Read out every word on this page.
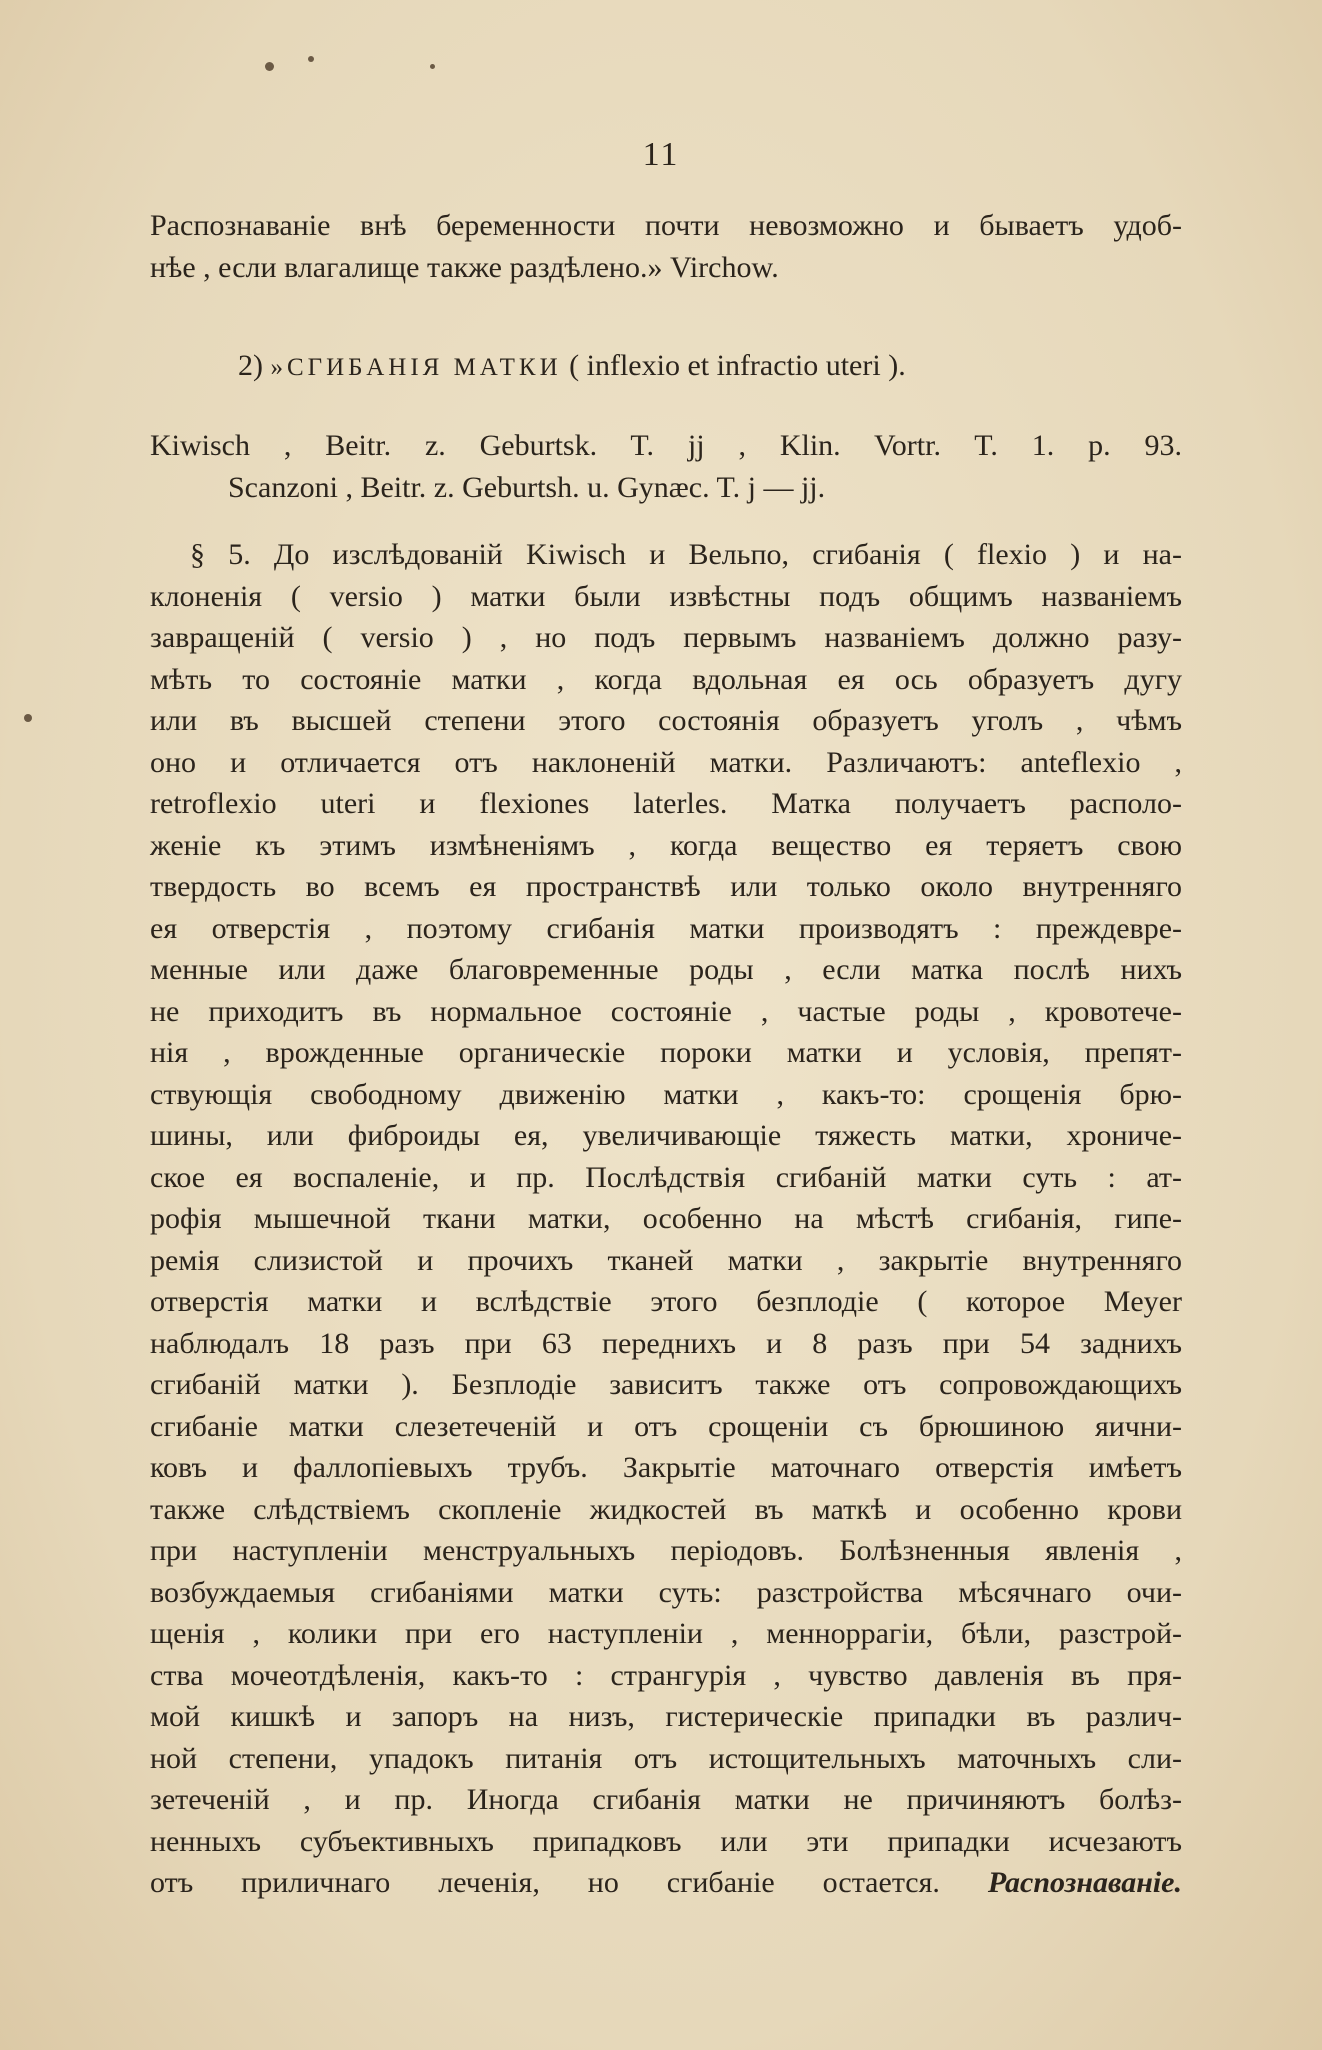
11
Распознаваніе внѣ беременности почти невозможно и бываетъ удоб-
нѣе , если влагалище также раздѣлено.» Virchow.
2) »СГИБАНІЯ МАТКИ ( inflexio et infractio uteri ).
Kiwisch , Beitr. z. Geburtsk. T. jj , Klin. Vortr. T. 1. p. 93.
Scanzoni , Beitr. z. Geburtsh. u. Gynæc. T. j — jj.
§ 5. До изслѣдованій Kiwisch и Вельпо, сгибанія ( flexio ) и на-
клоненія ( versio ) матки были извѣстны подъ общимъ названіемъ
завращеній ( versio ) , но подъ первымъ названіемъ должно разу-
мѣть то состояніе матки , когда вдольная ея ось образуетъ дугу
или въ высшей степени этого состоянія образуетъ уголъ , чѣмъ
оно и отличается отъ наклоненій матки. Различаютъ: anteflexio ,
retroflexio uteri и flexiones laterles. Матка получаетъ располо-
женіе къ этимъ измѣненіямъ , когда вещество ея теряетъ свою
твердость во всемъ ея пространствѣ или только около внутренняго
ея отверстія , поэтому сгибанія матки производятъ : преждевре-
менные или даже благовременные роды , если матка послѣ нихъ
не приходитъ въ нормальное состояніе , частые роды , кровотече-
нія , врожденные органическіе пороки матки и условія, препят-
ствующія свободному движенію матки , какъ-то: срощенія брю-
шины, или фиброиды ея, увеличивающіе тяжесть матки, хрониче-
ское ея воспаленіе, и пр. Послѣдствія сгибаній матки суть : ат-
рофія мышечной ткани матки, особенно на мѣстѣ сгибанія, гипе-
ремія слизистой и прочихъ тканей матки , закрытіе внутренняго
отверстія матки и вслѣдствіе этого безплодіе ( которое Meyer
наблюдалъ 18 разъ при 63 переднихъ и 8 разъ при 54 заднихъ
сгибаній матки ). Безплодіе зависитъ также отъ сопровождающихъ
сгибаніе матки слезетеченій и отъ срощеніи съ брюшиною яични-
ковъ и фаллопіевыхъ трубъ. Закрытіе маточнаго отверстія имѣетъ
также слѣдствіемъ скопленіе жидкостей въ маткѣ и особенно крови
при наступленіи менструальныхъ періодовъ. Болѣзненныя явленія ,
возбуждаемыя сгибаніями матки суть: разстройства мѣсячнаго очи-
щенія , колики при его наступленіи , менноррагіи, бѣли, разстрой-
ства мочеотдѣленія, какъ-то : странгурія , чувство давленія въ пря-
мой кишкѣ и запоръ на низъ, гистерическіе припадки въ различ-
ной степени, упадокъ питанія отъ истощительныхъ маточныхъ сли-
зетеченій , и пр. Иногда сгибанія матки не причиняютъ болѣз-
ненныхъ субъективныхъ припадковъ или эти припадки исчезаютъ
отъ приличнаго леченія, но сгибаніе остается. Распознаваніе.
